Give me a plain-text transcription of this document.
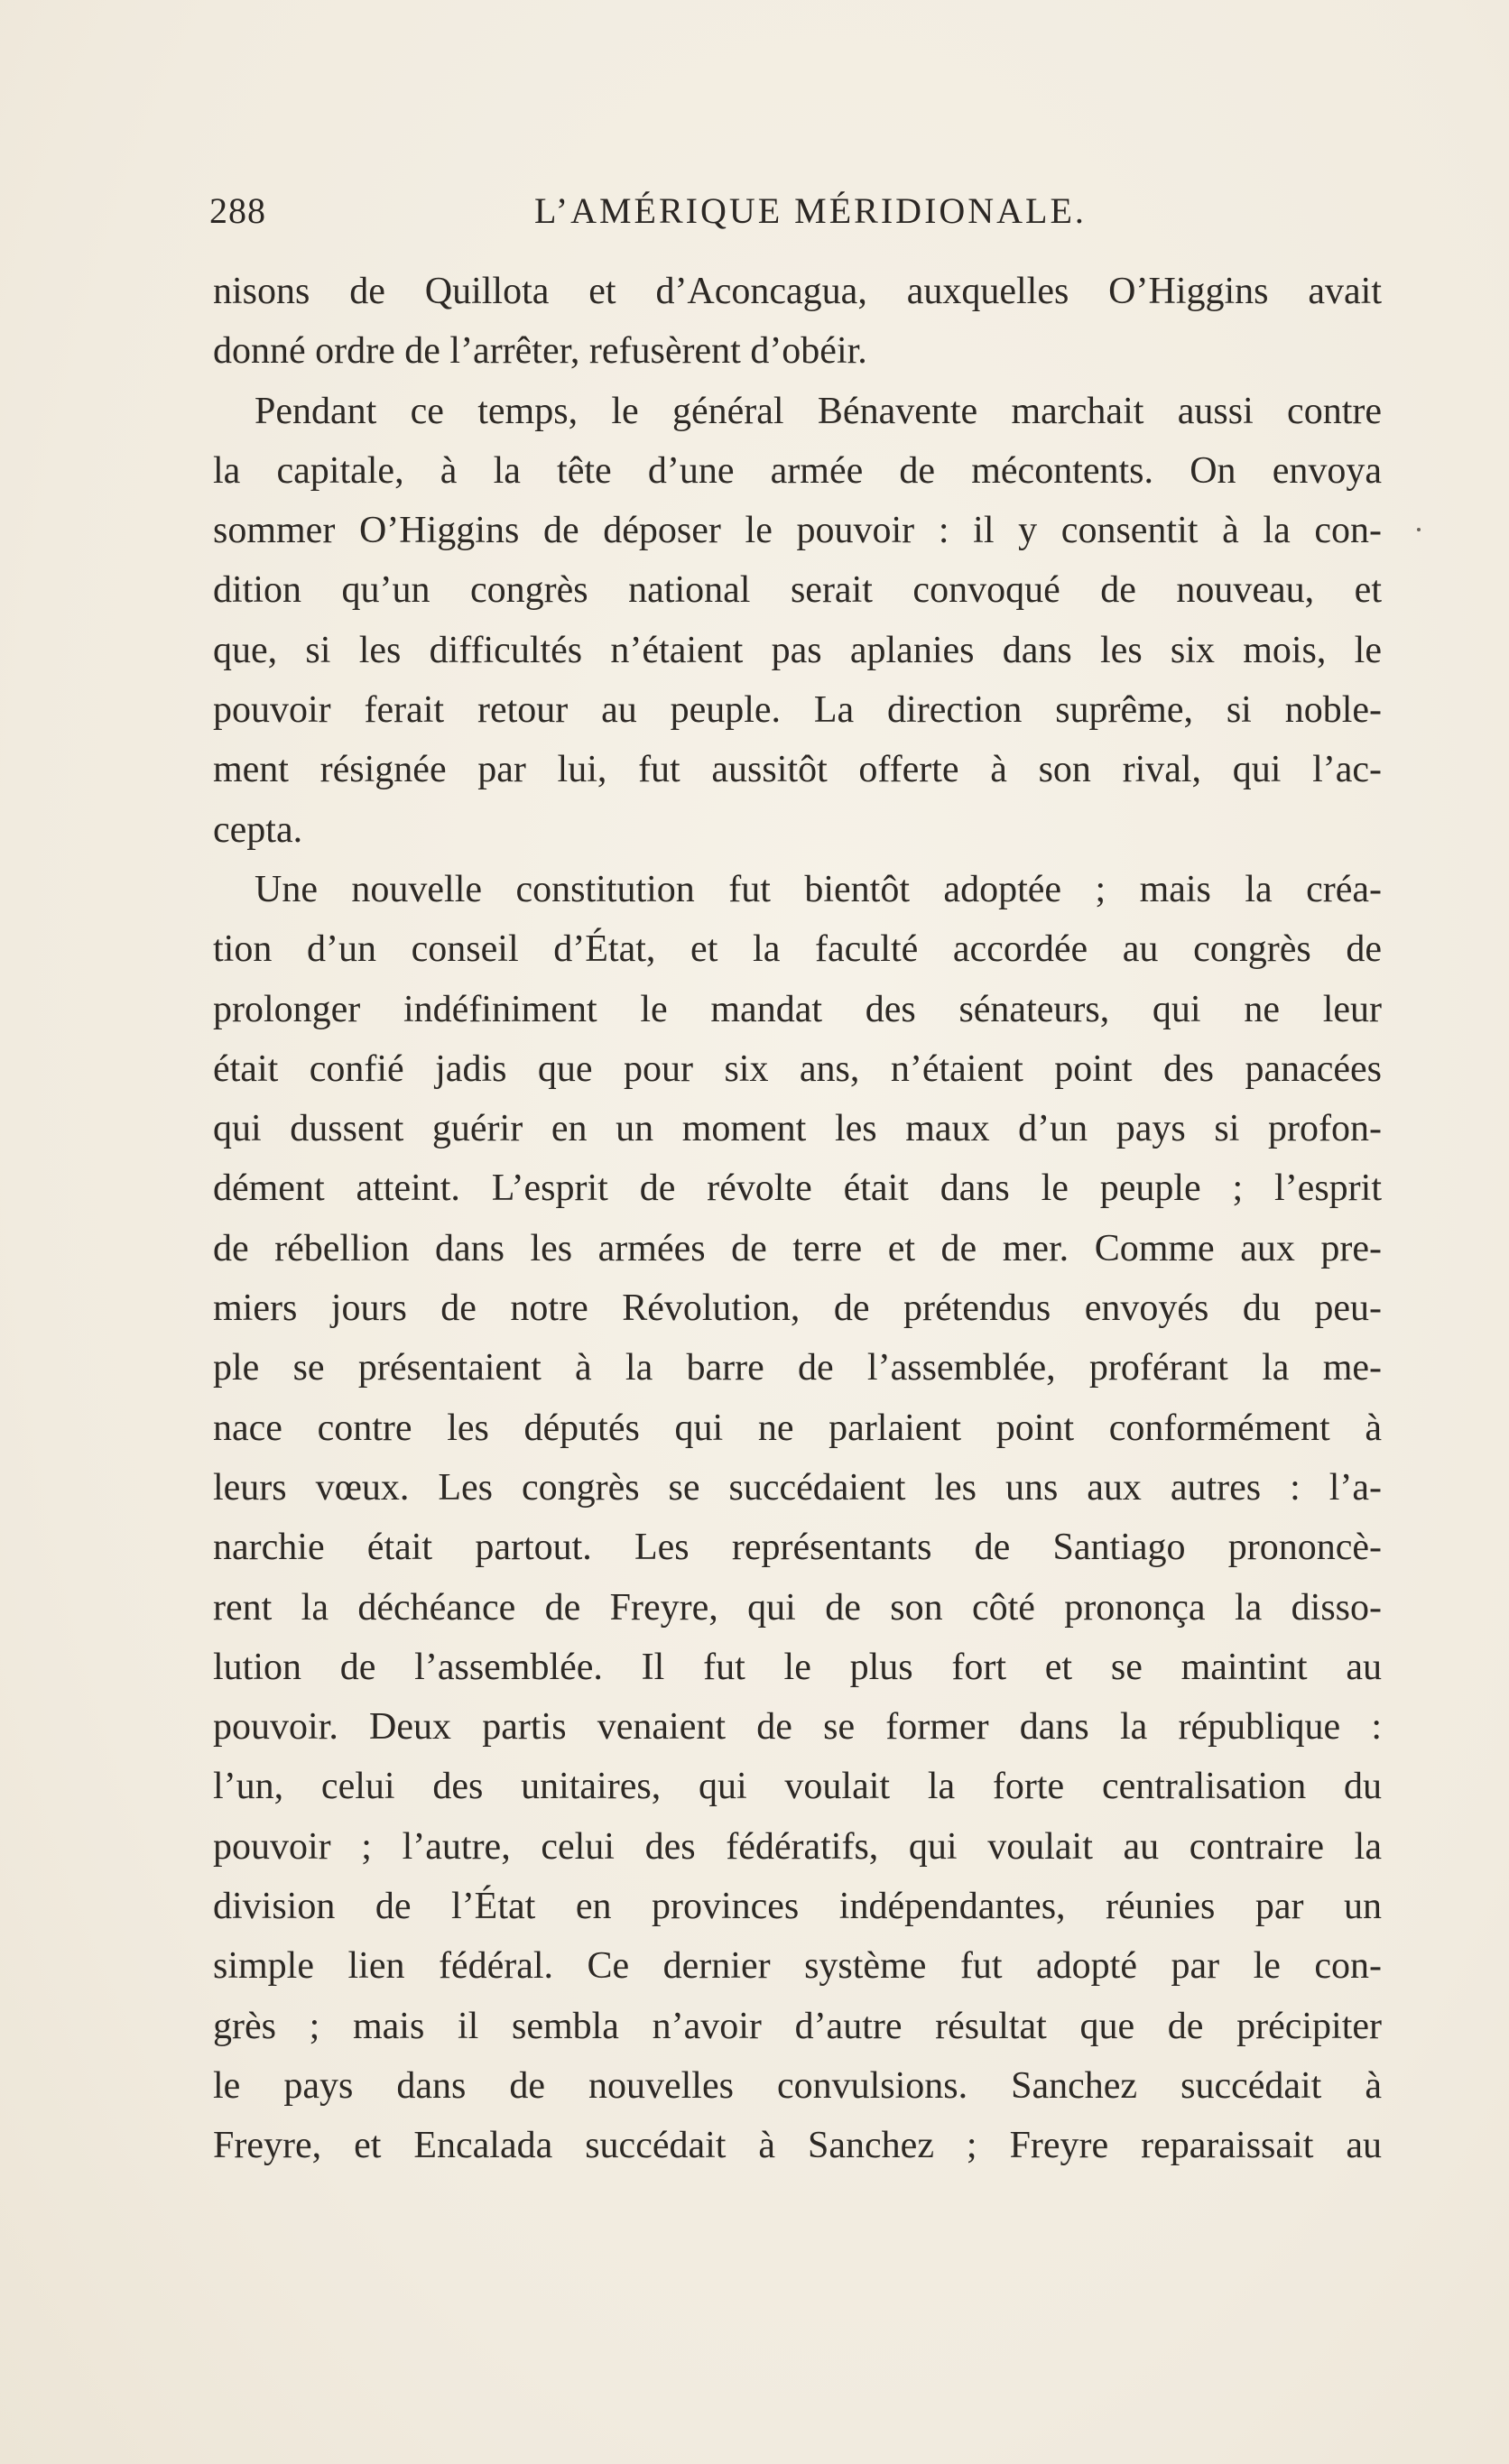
288	L’AMÉRIQUE MÉRIDIONALE.
nisons de Quillota et d’Aconcagua, auxquelles O’Higgins avait
donné ordre de l’arrêter, refusèrent d’obéir.
Pendant ce temps, le général Bénavente marchait aussi contre
la capitale, à la tête d’une armée de mécontents. On envoya
sommer O’Higgins de déposer le pouvoir : il y consentit à la con-
dition qu’un congrès national serait convoqué de nouveau, et
que, si les difficultés n’étaient pas aplanies dans les six mois, le
pouvoir ferait retour au peuple. La direction suprême, si noble-
ment résignée par lui, fut aussitôt offerte à son rival, qui l’ac-
cepta.
Une nouvelle constitution fut bientôt adoptée ; mais la créa-
tion d’un conseil d’État, et la faculté accordée au congrès de
prolonger indéfiniment le mandat des sénateurs, qui ne leur
était confié jadis que pour six ans, n’étaient point des panacées
qui dussent guérir en un moment les maux d’un pays si profon-
dément atteint. L’esprit de révolte était dans le peuple ; l’esprit
de rébellion dans les armées de terre et de mer. Comme aux pre-
miers jours de notre Révolution, de prétendus envoyés du peu-
ple se présentaient à la barre de l’assemblée, proférant la me-
nace contre les députés qui ne parlaient point conformément à
leurs vœux. Les congrès se succédaient les uns aux autres : l’a-
narchie était partout. Les représentants de Santiago prononcè-
rent la déchéance de Freyre, qui de son côté prononça la disso-
lution de l’assemblée. Il fut le plus fort et se maintint au
pouvoir. Deux partis venaient de se former dans la république :
l’un, celui des unitaires, qui voulait la forte centralisation du
pouvoir ; l’autre, celui des fédératifs, qui voulait au contraire la
division de l’État en provinces indépendantes, réunies par un
simple lien fédéral. Ce dernier système fut adopté par le con-
grès ; mais il sembla n’avoir d’autre résultat que de précipiter
le pays dans de nouvelles convulsions. Sanchez succédait à
Freyre, et Encalada succédait à Sanchez ; Freyre reparaissait au
